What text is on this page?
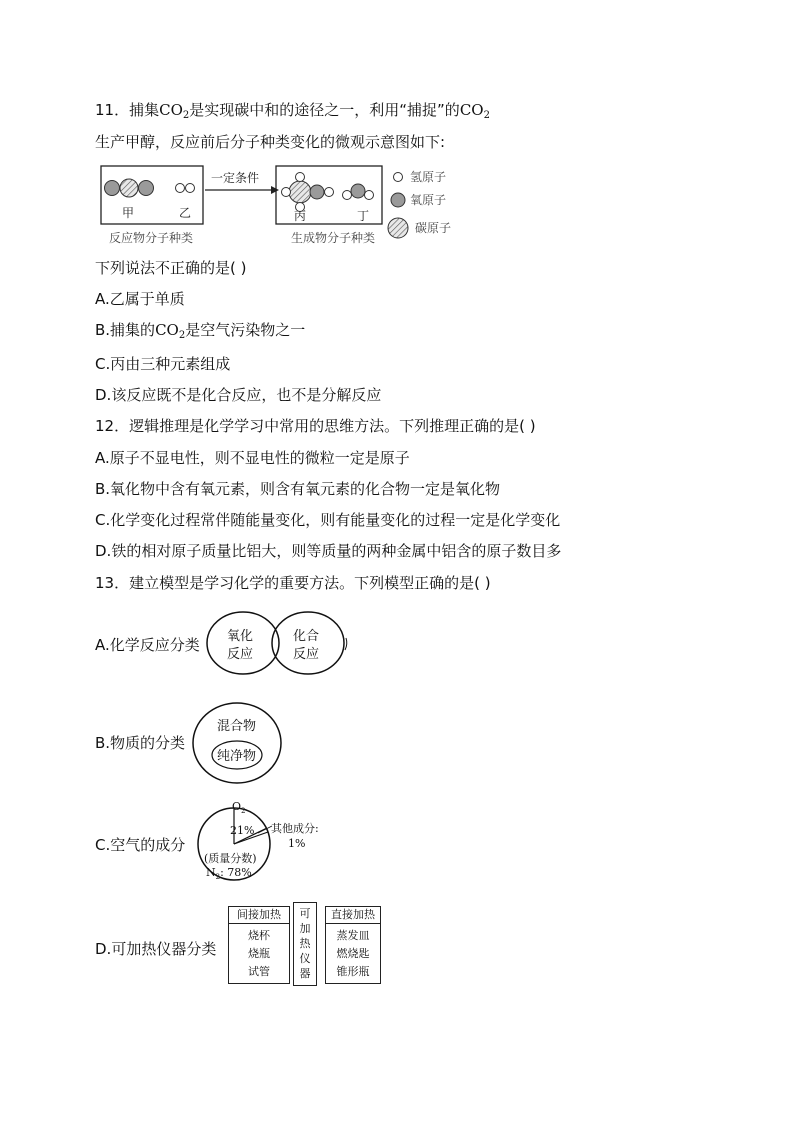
11．捕集$CO_2$是实现碳中和的途径之一，利用“捕捉”的$CO_2$
生产甲醇，反应前后分子种类变化的微观示意图如下:
甲	乙
反应物分子种类
一定条件
丙	丁
生成物分子种类
氢原子
氧原子
碳原子
下列说法不正确的是( )
A.乙属于单质
B.捕集的$CO_2$是空气污染物之一
C.丙由三种元素组成
D.该反应既不是化合反应，也不是分解反应
12．逻辑推理是化学学习中常用的思维方法。下列推理正确的是( )
A.原子不显电性，则不显电性的微粒一定是原子
B.氧化物中含有氧元素，则含有氧元素的化合物一定是氧化物
C.化学变化过程常伴随能量变化，则有能量变化的过程一定是化学变化
D.铁的相对原子质量比铝大，则等质量的两种金属中铝含的原子数目多
13．建立模型是学习化学的重要方法。下列模型正确的是( )
A.化学反应分类 氧化
反应
化合
反应
B.物质的分类
混合物
纯净物
C.空气的成分
$O_2$
21% 其他成分:
1%
(质量分数)
$N_2$: 78%
D.可加热仪器分类
间接加热
烧杯
烧瓶
试管
可
加
热
仪
器
直接加热
蒸发皿
燃烧匙
锥形瓶
